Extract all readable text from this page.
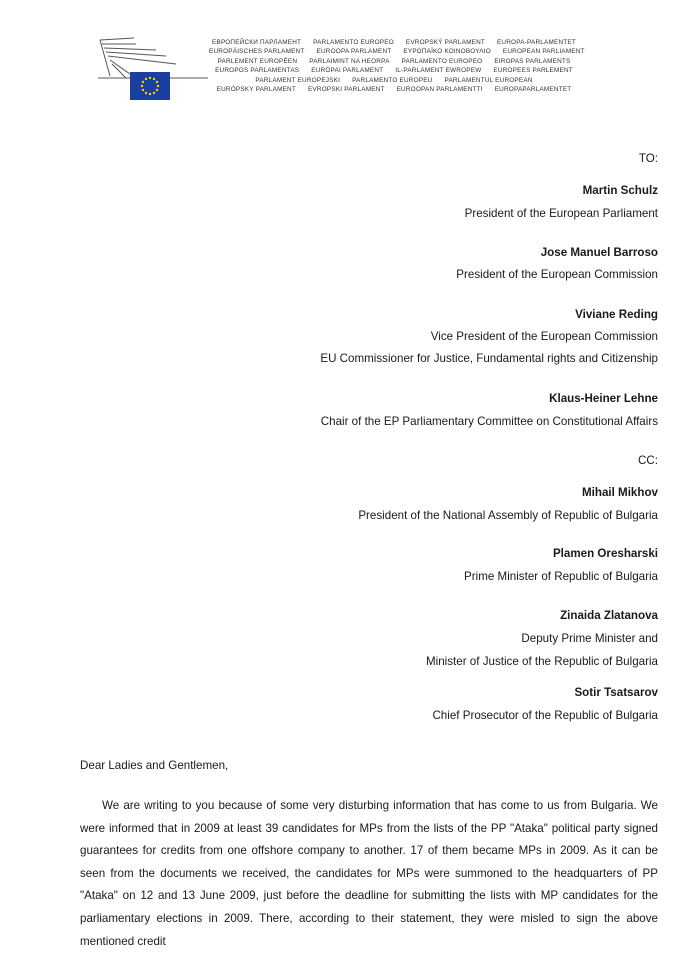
ЕВРОПЕЙСКИ ПАРЛАМЕНТ PARLAMENTO EUROPEO EVROPSKÝ PARLAMENT EUROPA-PARLAMENTET
EUROPÄISCHES PARLAMENT EUROOPA PARLAMENT ΕΥΡΩΠΑΪΚΟ ΚΟΙΝΟΒΟΥΛΙΟ EUROPEAN PARLIAMENT
PARLEMENT EUROPÉEN PARLAIMINT NA HEORPA PARLAMENTO EUROPEO EIROPAS PARLAMENTS
EUROPOS PARLAMENTAS EURÓPAI PARLAMENT IL-PARLAMENT EWROPEW EUROPEES PARLEMENT
PARLAMENT EUROPEJSKI PARLAMENTO EUROPEU PARLAMENTUL EUROPEAN
EURÓPSKY PARLAMENT EVROPSKI PARLAMENT EUROOPAN PARLAMENTTI EUROPAPARLAMENTET
TO:
Martin Schulz
President of the European Parliament
Jose Manuel Barroso
President of the European Commission
Viviane Reding
Vice President of the European Commission
EU Commissioner for Justice, Fundamental rights and Citizenship
Klaus-Heiner Lehne
Chair of the EP Parliamentary Committee on Constitutional Affairs
CC:
Mihail Mikhov
President of the National Assembly of Republic of Bulgaria
Plamen Oresharski
Prime Minister of Republic of Bulgaria
Zinaida Zlatanova
Deputy Prime Minister and
Minister of Justice of the Republic of Bulgaria
Sotir Tsatsarov
Chief Prosecutor of the Republic of Bulgaria
Dear Ladies and Gentlemen,

We are writing to you because of some very disturbing information that has come to us from Bulgaria. We were informed that in 2009 at least 39 candidates for MPs from the lists of the PP "Ataka" political party signed guarantees for credits from one offshore company to another. 17 of them became MPs in 2009. As it can be seen from the documents we received, the candidates for MPs were summoned to the headquarters of PP "Ataka" on 12 and 13 June 2009, just before the deadline for submitting the lists with MP candidates for the parliamentary elections in 2009. There, according to their statement, they were misled to sign the above mentioned credit
